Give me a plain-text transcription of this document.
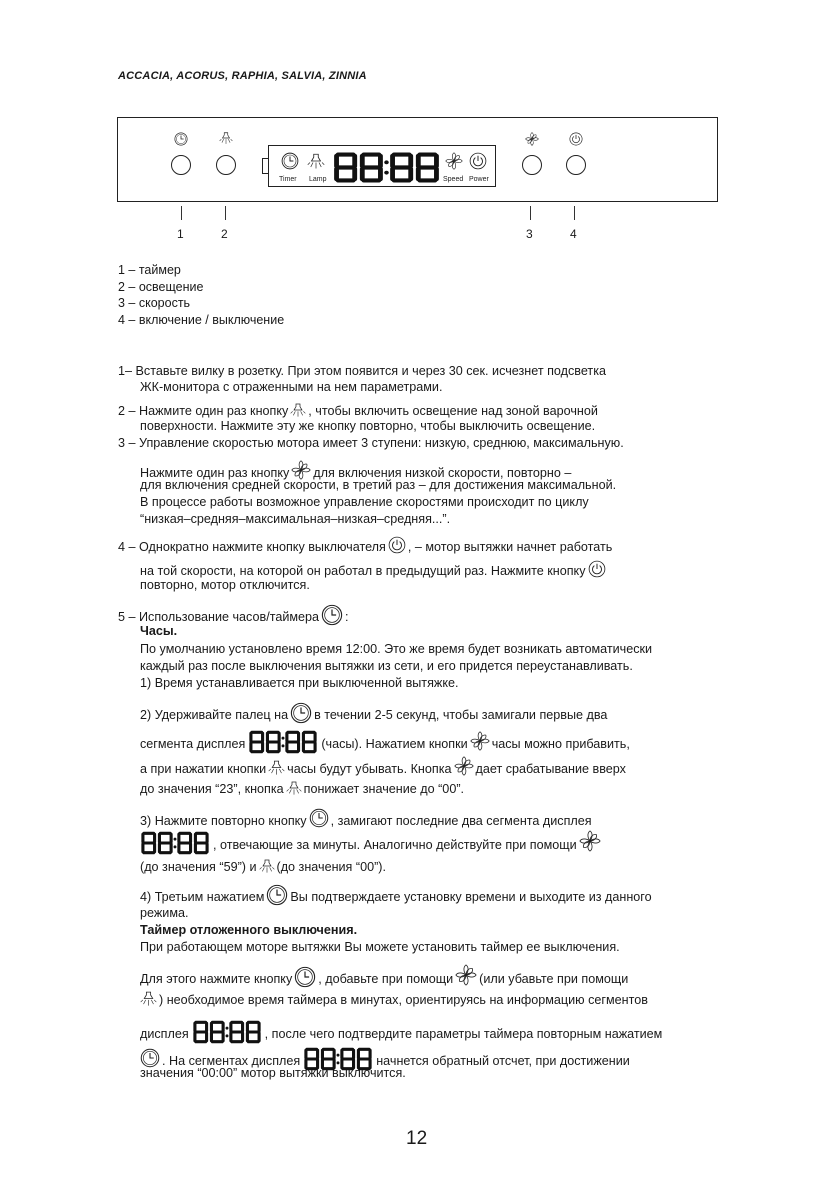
ACCACIA, ACORUS, RAPHIA, SALVIA, ZINNIA
Timer Lamp	Speed Power
1	2	3	4
1 – таймер
2 – освещение
3 – скорость
4 – включение / выключение
1– Вставьте вилку в розетку. При этом появится и через 30 сек. исчезнет подсветка
ЖК-монитора с отраженными на нем параметрами.
2 – Нажмите один раз кнопку , чтобы включить освещение над зоной варочной
поверхности. Нажмите эту же кнопку повторно, чтобы выключить освещение.
3 – Управление скоростью мотора имеет 3 ступени: низкую, среднюю, максимальную.
Нажмите один раз кнопку для включения низкой скорости, повторно –
для включения средней скорости, в третий раз – для достижения максимальной.
В процессе работы возможное управление скоростями происходит по циклу
“низкая–средняя–максимальная–низкая–средняя...”.
4 – Однократно нажмите кнопку выключателя , – мотор вытяжки начнет работать
на той скорости, на которой он работал в предыдущий раз. Нажмите кнопку
повторно, мотор отключится.
5 – Использование часов/таймера :
Часы.
По умолчанию установлено время 12:00. Это же время будет возникать автоматически
каждый раз после выключения вытяжки из сети, и его придется переустанавливать.
1) Время устанавливается при выключенной вытяжке.
2) Удерживайте палец на в течении 2-5 секунд, чтобы замигали первые два
сегмента дисплея	(часы). Нажатием кнопки часы можно прибавить,
а при нажатии кнопки часы будут убывать. Кнопка дает срабатывание вверх
до значения “23”, кнопка понижает значение до “00”.
3) Нажмите повторно кнопку , замигают последние два сегмента дисплея
, отвечающие за минуты. Аналогично действуйте при помощи
(до значения “59”) и (до значения “00”).
4) Третьим нажатием Вы подтверждаете установку времени и выходите из данного
режима.
Таймер отложенного выключения.
При работающем моторе вытяжки Вы можете установить таймер ее выключения.
Для этого нажмите кнопку , добавьте при помощи (или убавьте при помощи
) необходимое время таймера в минутах, ориентируясь на информацию сегментов
дисплея	, после чего подтвердите параметры таймера повторным нажатием
. На сегментах дисплея	начнется обратный отсчет, при достижении
значения “00:00” мотор вытяжки выключится.
12
